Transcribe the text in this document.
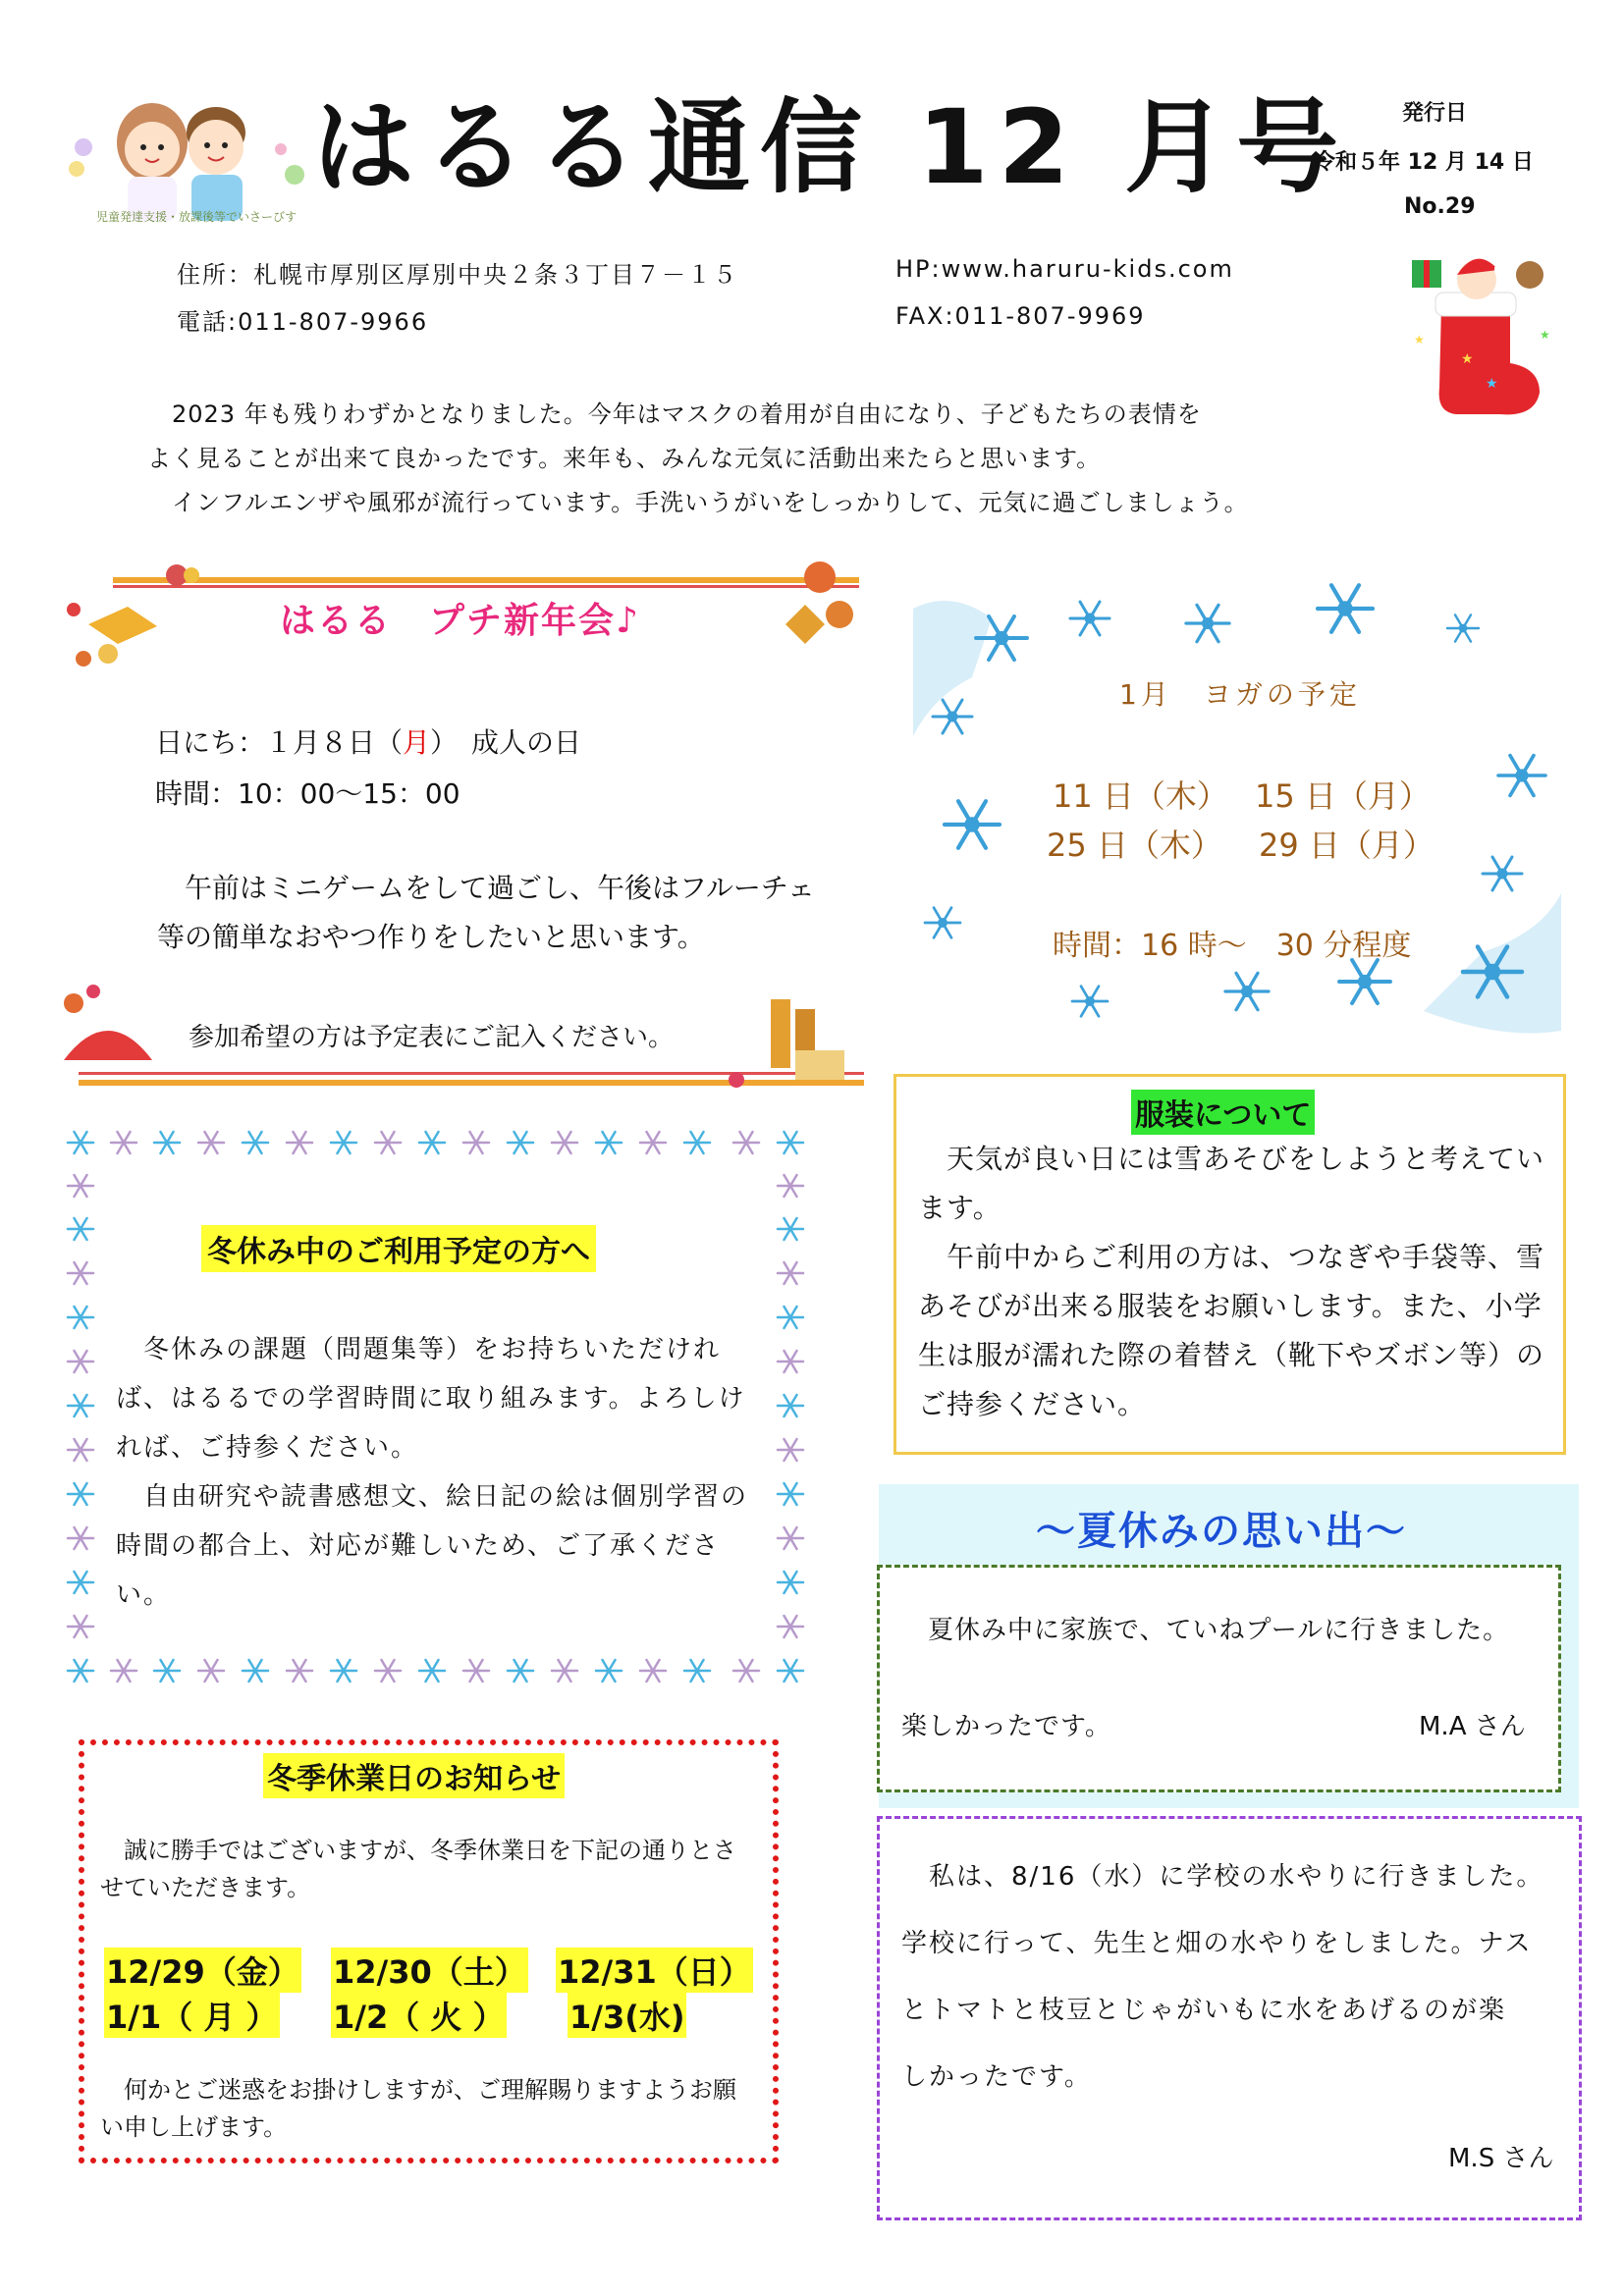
児童発達支援・放課後等でいさーびす
はるる通信 12 月号 発行日
令和５年 12 月 14 日
No.29
★
★
★	★
住所：札幌市厚別区厚別中央２条３丁目７－１５	HP:www.haruru-kids.com
電話:011-807-9966	FAX:011-807-9969

　2023 年も残りわずかとなりました。今年はマスクの着用が自由になり、子どもたちの表情を

よく見ることが出来て良かったです。来年も、みんな元気に活動出来たらと思います。

　インフルエンザや風邪が流行っています。手洗いうがいをしっかりして、元気に過ごしましょう。

はるる　プチ新年会♪
日にち：１月８日（月）　成人の日
時間：10：00～15：00
　午前はミニゲームをして過ごし、午後はフルーチェ等の簡単なおやつ作りをしたいと思います。
参加希望の方は予定表にご記入ください。
1月　ヨガの予定
11 日（木） 15 日（月）
25 日（木） 29 日（月）
時間：16 時～　30 分程度
冬休み中のご利用予定の方へ
　冬休みの課題（問題集等）をお持ちいただければ、はるるでの学習時間に取り組みます。よろしければ、ご持参ください。
　自由研究や読書感想文、絵日記の絵は個別学習の時間の都合上、対応が難しいため、ご了承ください。
服装について
　天気が良い日には雪あそびをしようと考えています。
　午前中からご利用の方は、つなぎや手袋等、雪あそびが出来る服装をお願いします。また、小学生は服が濡れた際の着替え（靴下やズボン等）のご持参ください。
～夏休みの思い出～
夏休み中に家族で、ていねプールに行きました。
楽しかったです。	M.A さん

　私は、8/16（水）に学校の水やりに行きました。

学校に行って、先生と畑の水やりをしました。ナス

とトマトと枝豆とじゃがいもに水をあげるのが楽

しかったです。

M.S さん
冬季休業日のお知らせ
　誠に勝手ではございますが、冬季休業日を下記の通りとさせていただきます。
12/29（金） 12/30（土） 12/31（日）
1/1（ 月 ） 1/2（ 火 ） 1/3(水)
　何かとご迷惑をお掛けしますが、ご理解賜りますようお願い申し上げます。
